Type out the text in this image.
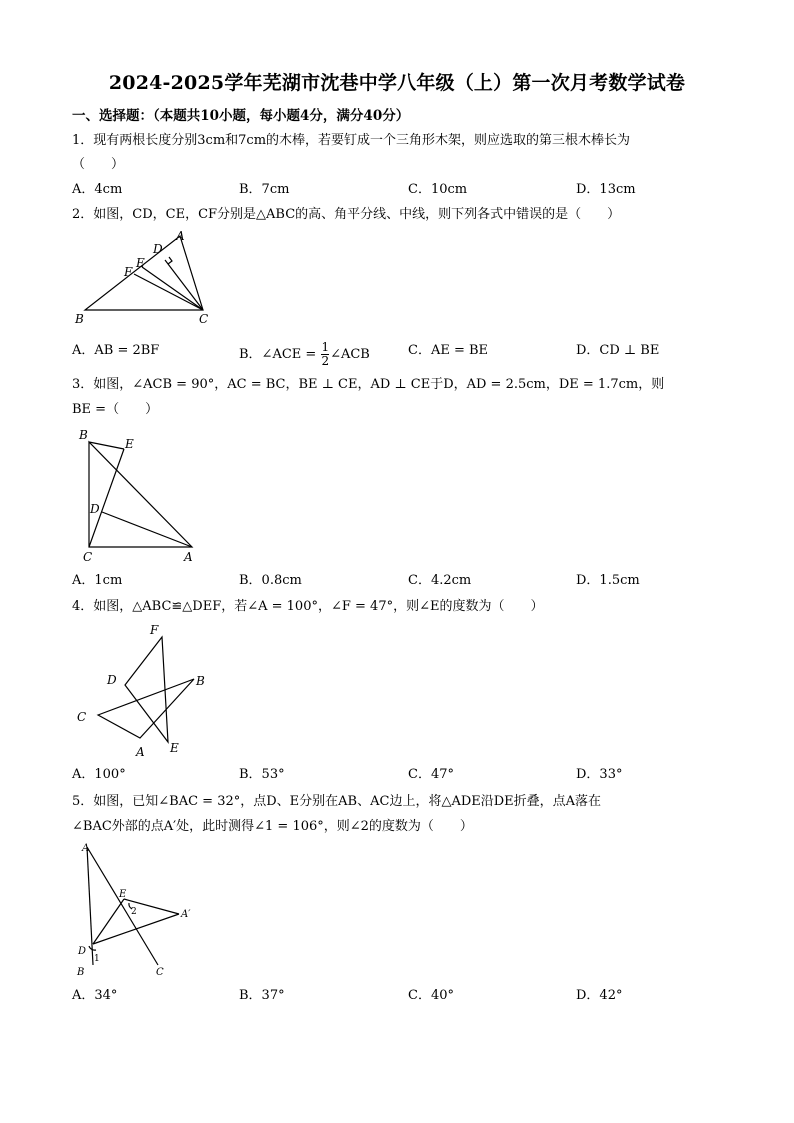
2024-2025学年芜湖市沈巷中学八年级（上）第一次月考数学试卷
一、选择题：（本题共10小题，每小题4分，满分40分）
1．现有两根长度分别3cm和7cm的木棒，若要钉成一个三角形木架，则应选取的第三根木棒长为
（　　）
A．4cm	B．7cm	C．10cm	D．13cm
2．如图，CD，CE，CF分别是△ABC的高、角平分线、中线，则下列各式中错误的是（　　）
A
D
E
F
B	C
A．AB = 2BF	B．∠ACE = $\frac{1}{2}$ ∠ACB	C．AE = BE	D．CD ⊥ BE
3．如图，∠ACB = 90°，AC = BC，BE ⊥ CE，AD ⊥ CE于D，AD = 2.5cm，DE = 1.7cm，则
BE =（　　）
B
E
D
C	A
A．1cm	B．0.8cm	C．4.2cm	D．1.5cm
4．如图，△ABC≌△DEF，若∠A = 100°，∠F = 47°，则∠E的度数为（　　）
F
D	B
C
A E
A．100°	B．53°	C．47°	D．33°
5．如图，已知∠BAC = 32°，点D、E分别在AB、AC边上，将△ADE沿DE折叠，点A落在
∠BAC外部的点A′处，此时测得∠1 = 106°，则∠2的度数为（　　）
A
E
2	A′
D
1
B	C
A．34°	B．37°	C．40°	D．42°
